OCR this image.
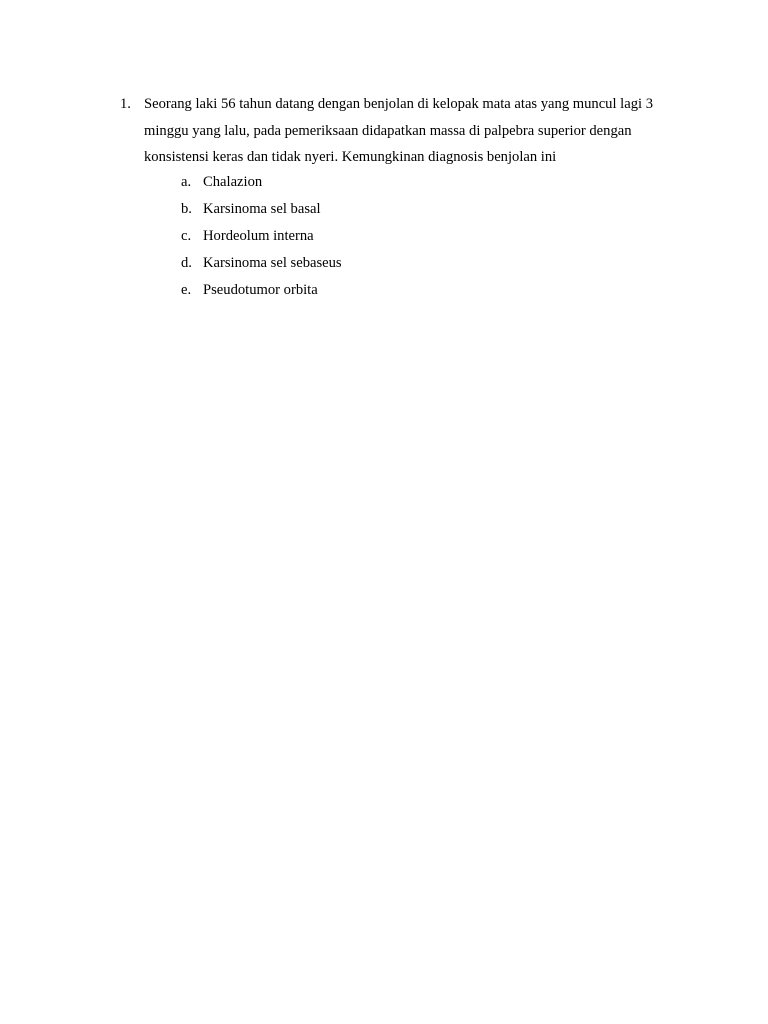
1. Seorang laki 56 tahun datang dengan benjolan di kelopak mata atas yang muncul lagi 3 minggu yang lalu, pada pemeriksaan didapatkan massa di palpebra superior dengan konsistensi keras dan tidak nyeri. Kemungkinan diagnosis benjolan ini
a. Chalazion
b. Karsinoma sel basal
c. Hordeolum interna
d. Karsinoma sel sebaseus
e. Pseudotumor orbita
